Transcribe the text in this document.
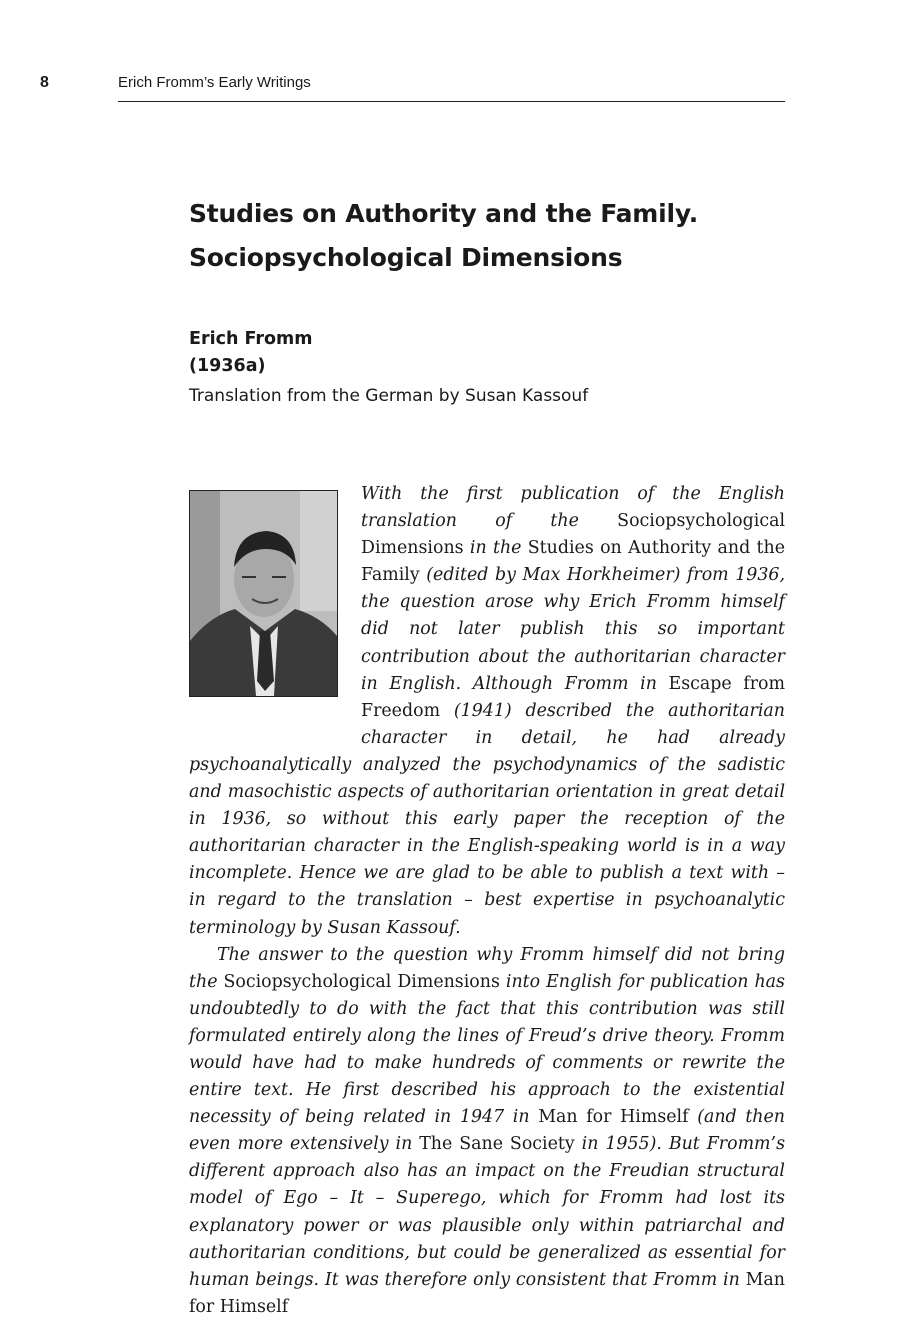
8	Erich Fromm’s Early Writings
Studies on Authority and the Family.
Sociopsychological Dimensions
Erich Fromm
(1936a)
Translation from the German by Susan Kassouf

With the first publication of the English translation of the Sociopsychological Dimensions in the Studies on Authority and the Family (edited by Max Horkheimer) from 1936, the question arose why Erich Fromm himself did not later publish this so important contribution about the authoritarian character in English. Although Fromm in Escape from Freedom (1941) described the authoritarian character in detail, he had already psychoanalytically analyzed the psychodynamics of the sadistic and masochistic aspects of authoritarian orientation in great detail in 1936, so without this early paper the reception of the authoritarian character in the English-speaking world is in a way incomplete. Hence we are glad to be able to publish a text with – in regard to the translation – best expertise in psychoanalytic terminology by Susan Kassouf.

The answer to the question why Fromm himself did not bring the Sociopsychological Dimensions into English for publication has undoubtedly to do with the fact that this contribution was still formulated entirely along the lines of Freud’s drive theory. Fromm would have had to make hundreds of comments or rewrite the entire text. He first described his approach to the existential necessity of being related in 1947 in Man for Himself (and then even more extensively in The Sane Society in 1955). But Fromm’s different approach also has an impact on the Freudian structural model of Ego – It – Superego, which for Fromm had lost its explanatory power or was plausible only within patriarchal and authoritarian conditions, but could be generalized as essential for human beings. It was therefore only consistent that Fromm in Man for Himself
